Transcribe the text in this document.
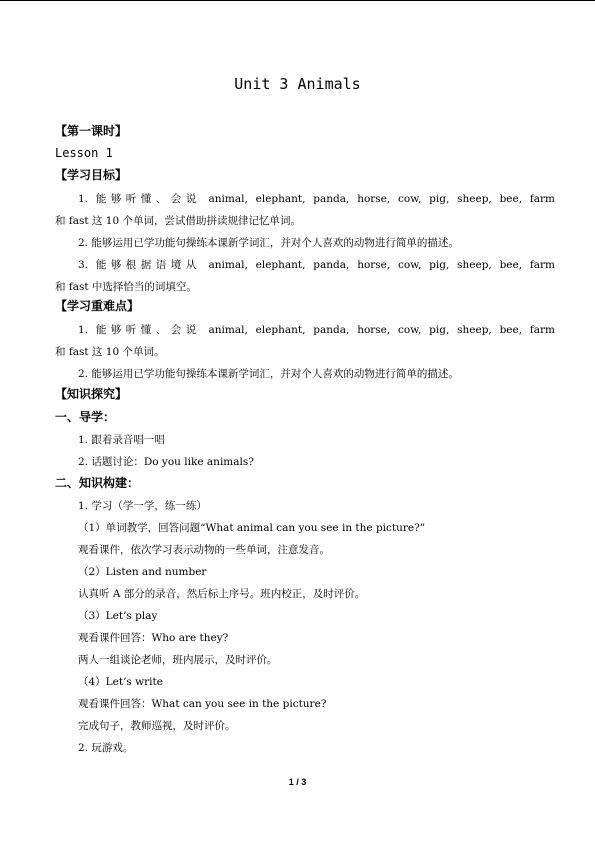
Unit 3 Animals
【第一课时】
Lesson 1
【学习目标】
1. 能够听懂、会说 animal, elephant, panda, horse, cow, pig, sheep, bee, farm
和 fast 这 10 个单词，尝试借助拼读规律记忆单词。
2. 能够运用已学功能句操练本课新学词汇，并对个人喜欢的动物进行简单的描述。
3. 能够根据语境从 animal, elephant, panda, horse, cow, pig, sheep, bee, farm
和 fast 中选择恰当的词填空。
【学习重难点】
1. 能够听懂、会说 animal, elephant, panda, horse, cow, pig, sheep, bee, farm
和 fast 这 10 个单词。
2. 能够运用已学功能句操练本课新学词汇，并对个人喜欢的动物进行简单的描述。
【知识探究】
一、导学：
1. 跟着录音唱一唱
2. 话题讨论：Do you like animals?
二、知识构建：
1. 学习（学一学，练一练）
（1）单词教学，回答问题“What animal can you see in the picture?”
观看课件，依次学习表示动物的一些单词，注意发音。
（2）Listen and number
认真听 A 部分的录音，然后标上序号。班内校正，及时评价。
（3）Let’s play
观看课件回答：Who are they?
两人一组谈论老师，班内展示，及时评价。
（4）Let’s write
观看课件回答：What can you see in the picture?
完成句子，教师巡视，及时评价。
2. 玩游戏。
1 / 3
